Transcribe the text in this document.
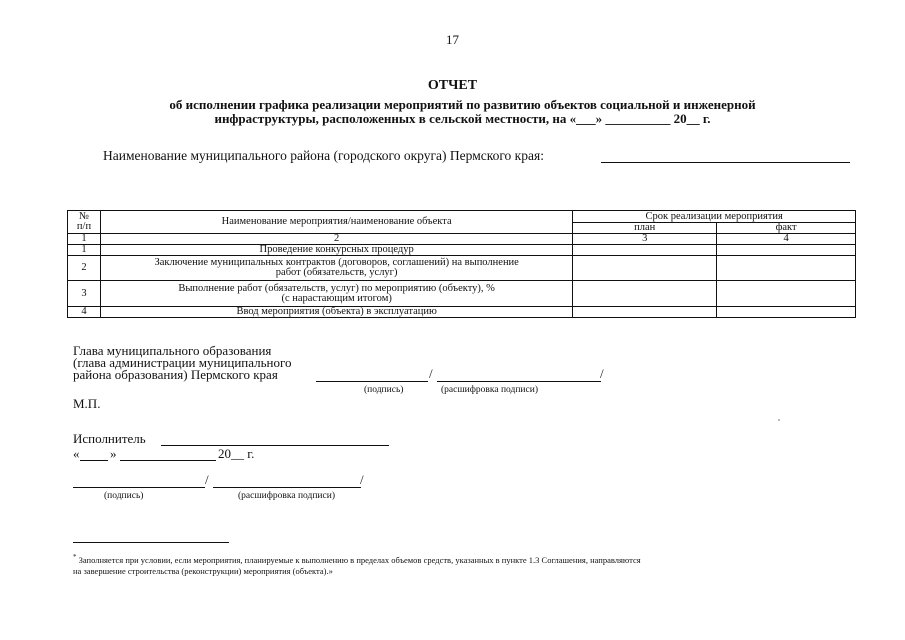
17
ОТЧЕТ
об исполнении графика реализации мероприятий по развитию объектов социальной и инженерной
инфраструктуры, расположенных в сельской местности, на «___» __________ 20__ г.
Наименование муниципального района (городского округа) Пермского края:
№
п/п	Наименование мероприятия/наименование объекта	Срок реализации мероприятия	
		план	факт
1	2	3	4
1	Проведение конкурсных процедур		

2	Заключение муниципальных контрактов (договоров, соглашений) на выполнение
работ (обязательств, услуг)		

3	Выполнение работ (обязательств, услуг) по мероприятию (объекту), %
(с нарастающим итогом)		

4	Ввод мероприятия (объекта) в эксплуатацию		

Глава муниципального образования
(глава администрации муниципального
района образования) Пермского края	/	/
(подпись)	(расшифровка подписи)
М.П.
Исполнитель
« »	20__ г.
/	/
(подпись)	(расшифровка подписи)
* Заполняется при условии, если мероприятия, планируемые к выполнению в пределах объемов средств, указанных в пункте 1.3 Соглашения, направляются
на завершение строительства (реконструкции) мероприятия (объекта).»
